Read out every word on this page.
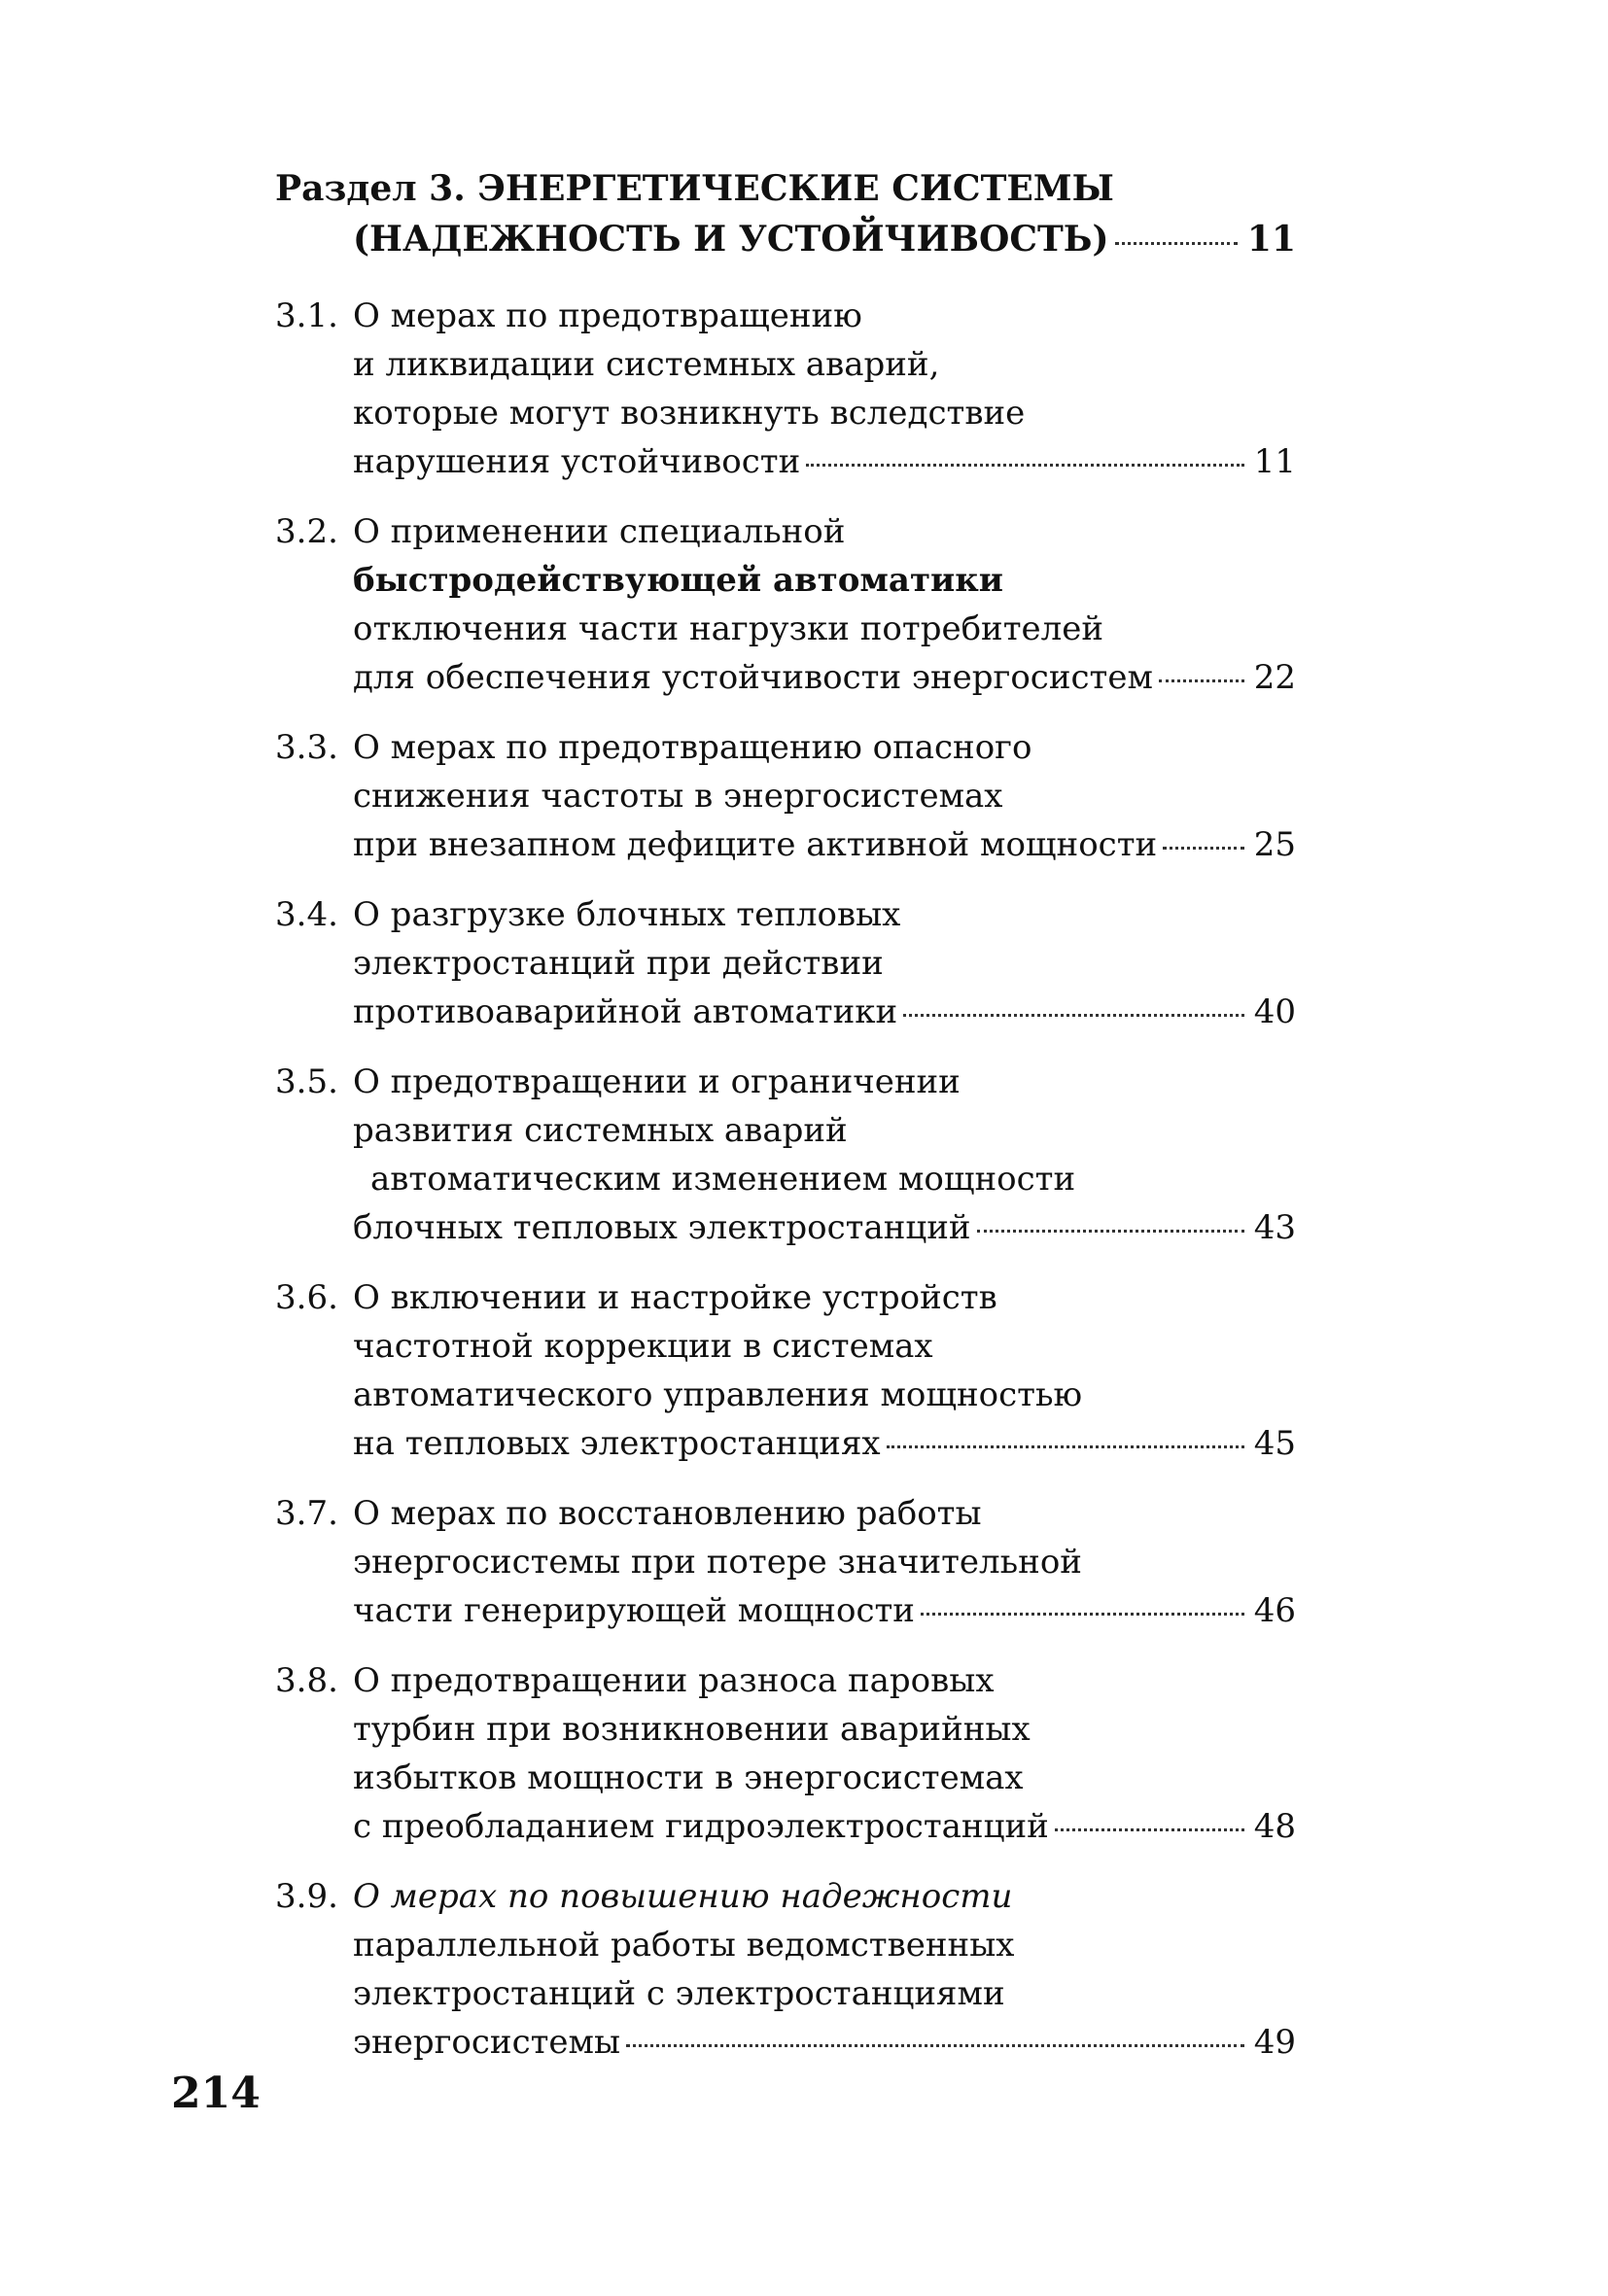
Раздел 3. ЭНЕРГЕТИЧЕСКИЕ СИСТЕМЫ
(НАДЕЖНОСТЬ И УСТОЙЧИВОСТЬ)	11
3.1. О мерах по предотвращению
и ликвидации системных аварий,
которые могут возникнуть вследствие
нарушения устойчивости	11
3.2. О применении специальной
быстродействующей автоматики
отключения части нагрузки потребителей
для обеспечения устойчивости энергосистем	22
3.3. О мерах по предотвращению опасного
снижения частоты в энергосистемах
при внезапном дефиците активной мощности	25
3.4. О разгрузке блочных тепловых
электростанций при действии
противоаварийной автоматики	40
3.5. О предотвращении и ограничении
развития системных аварий
автоматическим изменением мощности
блочных тепловых электростанций	43
3.6. О включении и настройке устройств
частотной коррекции в системах
автоматического управления мощностью
на тепловых электростанциях	45
3.7. О мерах по восстановлению работы
энергосистемы при потере значительной
части генерирующей мощности	46
3.8. О предотвращении разноса паровых
турбин при возникновении аварийных
избытков мощности в энергосистемах
с преобладанием гидроэлектростанций	48
3.9. О мерах по повышению надежности
параллельной работы ведомственных
электростанций с электростанциями
энергосистемы	49
214
